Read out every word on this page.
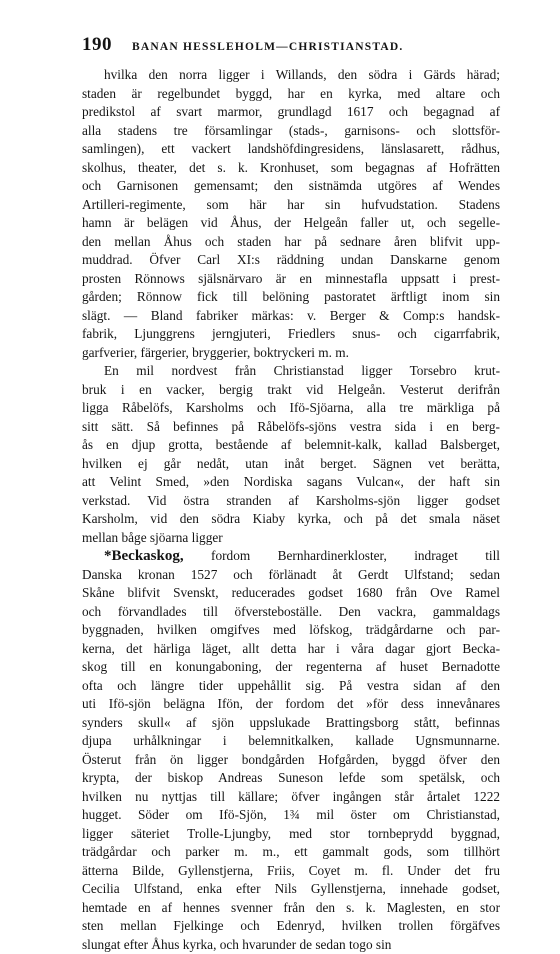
190 BANAN HESSLEHOLM—CHRISTIANSTAD.

hvilka den norra ligger i Willands, den södra i Gärds härad;
staden är regelbundet byggd, har en kyrka, med altare och
predikstol af svart marmor, grundlagd 1617 och begagnad af
alla stadens tre församlingar (stads-, garnisons- och slottsför-
samlingen), ett vackert landshöfdingresidens, länslasarett, rådhus,
skolhus, theater, det s. k. Kronhuset, som begagnas af Hofrätten
och Garnisonen gemensamt; den sistnämda utgöres af Wendes
Artilleri-regimente, som här har sin hufvudstation. Stadens
hamn är belägen vid Åhus, der Helgeån faller ut, och segelle-
den mellan Åhus och staden har på sednare åren blifvit upp-
muddrad. Öfver Carl XI:s räddning undan Danskarne genom
prosten Rönnows själsnärvaro är en minnestafla uppsatt i prest-
gården; Rönnow fick till belöning pastoratet ärftligt inom sin
slägt. — Bland fabriker märkas: v. Berger & Comp:s handsk-
fabrik, Ljunggrens jerngjuteri, Friedlers snus- och cigarrfabrik,
garfverier, färgerier, bryggerier, boktryckeri m. m.

En mil nordvest från Christianstad ligger Torsebro krut-
bruk i en vacker, bergig trakt vid Helgeån. Vesterut derifrån
ligga Råbelöfs, Karsholms och Ifö-Sjöarna, alla tre märkliga på
sitt sätt. Så befinnes på Råbelöfs-sjöns vestra sida i en berg-
ås en djup grotta, bestående af belemnit-kalk, kallad Balsberget,
hvilken ej går nedåt, utan inåt berget. Sägnen vet berätta,
att Velint Smed, »den Nordiska sagans Vulcan«, der haft sin
verkstad. Vid östra stranden af Karsholms-sjön ligger godset
Karsholm, vid den södra Kiaby kyrka, och på det smala näset
mellan båge sjöarna ligger

*Beckaskog, fordom Bernhardinerkloster, indraget till
Danska kronan 1527 och förlänadt åt Gerdt Ulfstand; sedan
Skåne blifvit Svenskt, reducerades godset 1680 från Ove Ramel
och förvandlades till öfversteboställe. Den vackra, gammaldags
byggnaden, hvilken omgifves med löfskog, trädgårdarne och par-
kerna, det härliga läget, allt detta har i våra dagar gjort Becka-
skog till en konungaboning, der regenterna af huset Bernadotte
ofta och längre tider uppehållit sig. På vestra sidan af den
uti Ifö-sjön belägna Ifön, der fordom det »för dess innevånares
synders skull« af sjön uppslukade Brattingsborg stått, befinnas
djupa urhålkningar i belemnitkalken, kallade Ugnsmunnarne.
Österut från ön ligger bondgården Hofgården, byggd öfver den
krypta, der biskop Andreas Suneson lefde som spetälsk, och
hvilken nu nyttjas till källare; öfver ingången står årtalet 1222
hugget. Söder om Ifö-Sjön, 1¾ mil öster om Christianstad,
ligger säteriet Trolle-Ljungby, med stor tornbeprydd byggnad,
trädgårdar och parker m. m., ett gammalt gods, som tillhört
ätterna Bilde, Gyllenstjerna, Friis, Coyet m. fl. Under det fru
Cecilia Ulfstand, enka efter Nils Gyllenstjerna, innehade godset,
hemtade en af hennes svenner från den s. k. Maglesten, en stor
sten mellan Fjelkinge och Edenryd, hvilken trollen förgäfves
slungat efter Åhus kyrka, och hvarunder de sedan togo sin
